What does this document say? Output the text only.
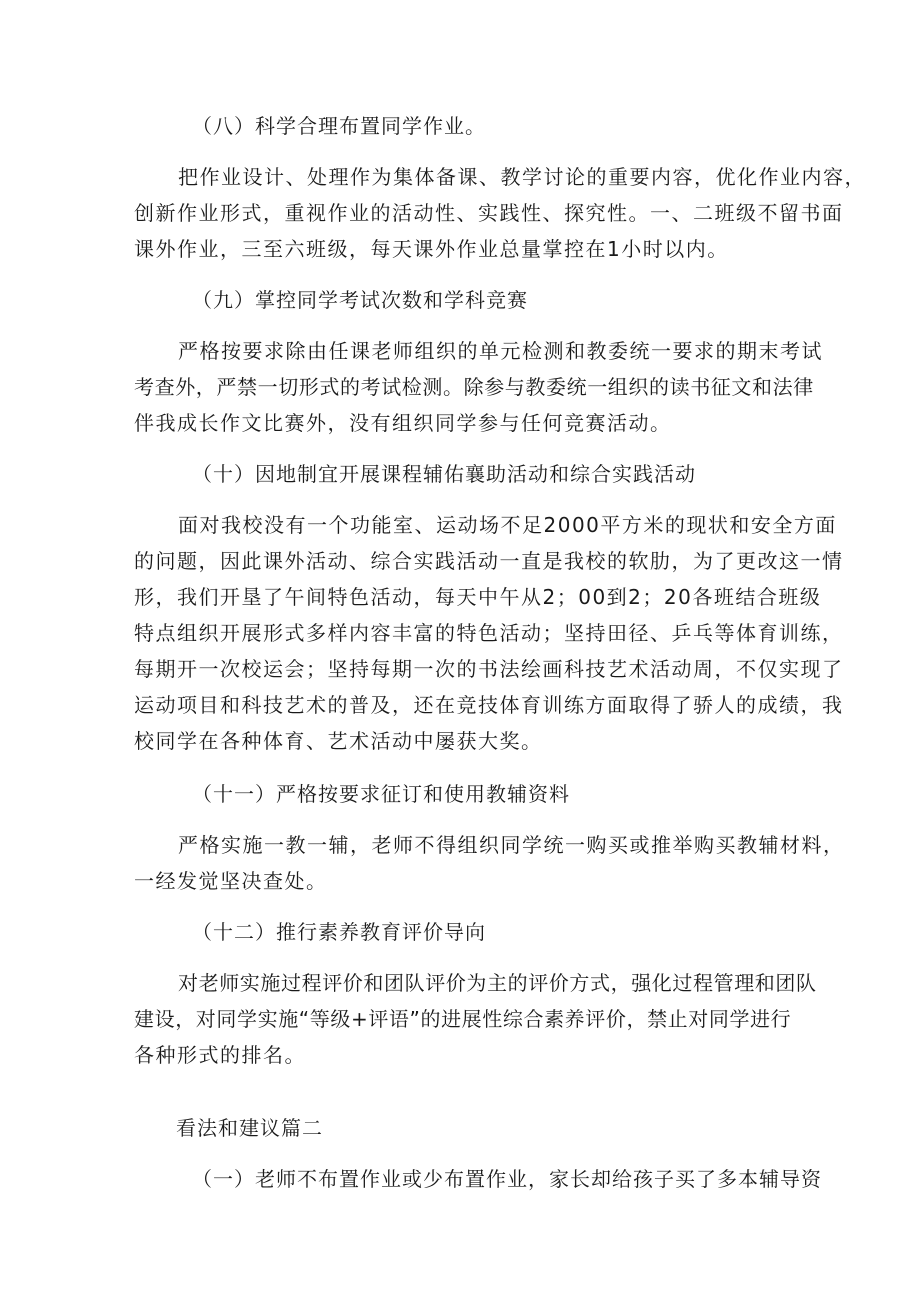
（八）科学合理布置同学作业。
把作业设计、处理作为集体备课、教学讨论的重要内容，优化作业内容，
创新作业形式，重视作业的活动性、实践性、探究性。一、二班级不留书面
课外作业，三至六班级，每天课外作业总量掌控在1小时以内。
（九）掌控同学考试次数和学科竞赛
严格按要求除由任课老师组织的单元检测和教委统一要求的期末考试
考查外，严禁一切形式的考试检测。除参与教委统一组织的读书征文和法律
伴我成长作文比赛外，没有组织同学参与任何竞赛活动。
（十）因地制宜开展课程辅佑襄助活动和综合实践活动
面对我校没有一个功能室、运动场不足2000平方米的现状和安全方面
的问题，因此课外活动、综合实践活动一直是我校的软肋，为了更改这一情
形，我们开垦了午间特色活动，每天中午从2；00到2；20各班结合班级
特点组织开展形式多样内容丰富的特色活动；坚持田径、乒乓等体育训练，
每期开一次校运会；坚持每期一次的书法绘画科技艺术活动周，不仅实现了
运动项目和科技艺术的普及，还在竞技体育训练方面取得了骄人的成绩，我
校同学在各种体育、艺术活动中屡获大奖。
（十一）严格按要求征订和使用教辅资料
严格实施一教一辅，老师不得组织同学统一购买或推举购买教辅材料，
一经发觉坚决查处。
（十二）推行素养教育评价导向
对老师实施过程评价和团队评价为主的评价方式，强化过程管理和团队
建设，对同学实施“等级+评语”的进展性综合素养评价，禁止对同学进行
各种形式的排名。
看法和建议篇二
（一）老师不布置作业或少布置作业，家长却给孩子买了多本辅导资
